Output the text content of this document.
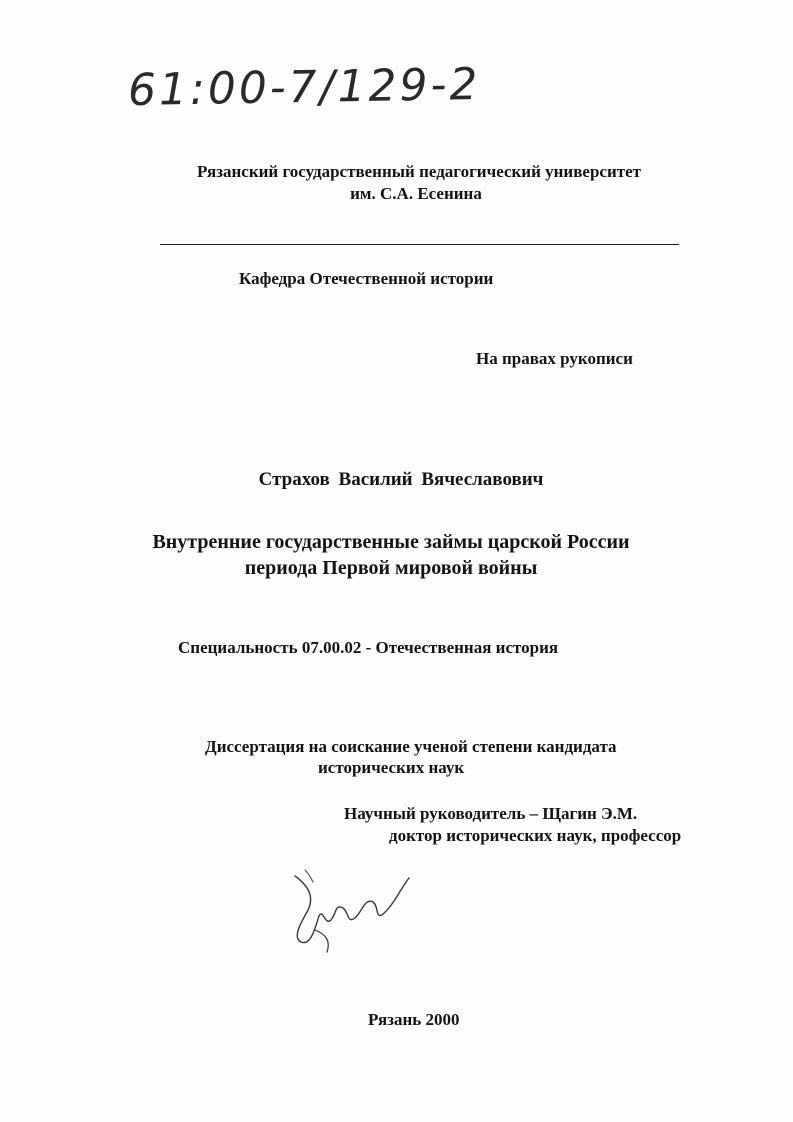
61:00-7/129-2
Рязанский государственный педагогический университет
им. С.А. Есенина
Кафедра Отечественной истории
На правах рукописи
Страхов Василий Вячеславович
Внутренние государственные займы царской России
периода Первой мировой войны
Специальность 07.00.02 - Отечественная история
Диссертация на соискание ученой степени кандидата
исторических наук
Научный руководитель – Щагин Э.М.
доктор исторических наук, профессор
Рязань 2000
